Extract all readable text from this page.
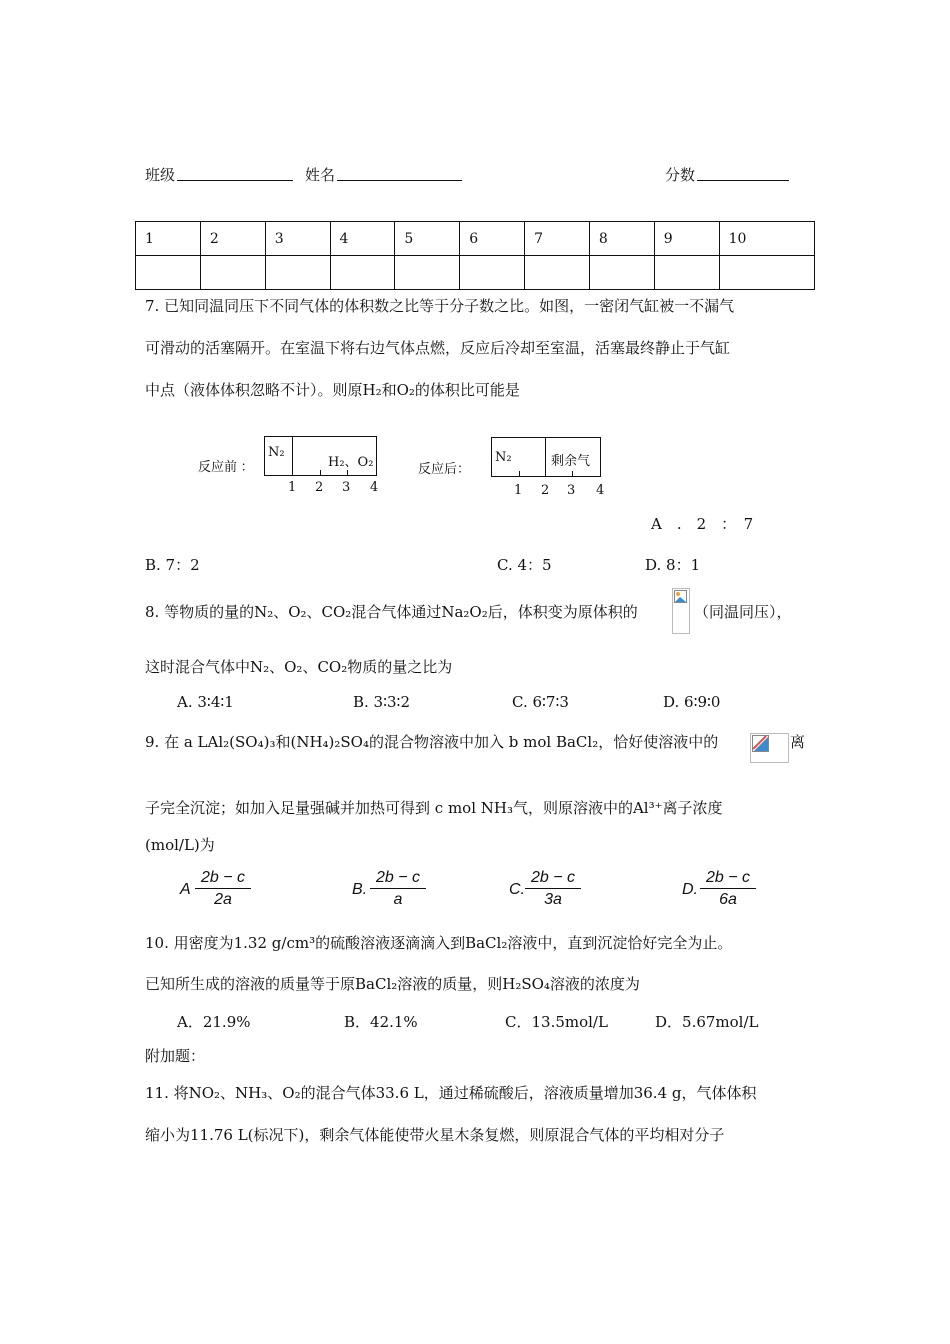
班级	姓名	分数
1	2	3	4	5	6	7	8	9	10

7. 已知同温同压下不同气体的体积数之比等于分子数之比。如图，一密闭气缸被一不漏气
可滑动的活塞隔开。在室温下将右边气体点燃，反应后冷却至室温，活塞最终静止于气缸
中点（液体体积忽略不计）。则原H₂和O₂的体积比可能是
反应前 ：
N₂
H₂、O₂
1 2 3 4
反应后：
N₂	剩余气
1 2 3 4
A　.　2　：　7
B. 7：2	C. 4：5	D. 8：1
8. 等物质的量的N₂、O₂、CO₂混合气体通过Na₂O₂后，体积变为原体积的	（同温同压），
这时混合气体中N₂、O₂、CO₂物质的量之比为
A. 3∶4∶1	B. 3∶3∶2	C. 6∶7∶3	D. 6∶9∶0
9. 在 a LAl₂(SO₄)₃和(NH₄)₂SO₄的混合物溶液中加入 b mol BaCl₂，恰好使溶液中的	离
子完全沉淀；如加入足量强碱并加热可得到 c mol NH₃气，则原溶液中的Al³⁺离子浓度
(mol/L)为
A $\frac{2b - c}{2a}$	B. $\frac{2b - c}{a}$	C. $\frac{2b - c}{3a}$	D. $\frac{2b - c}{6a}$
10. 用密度为1.32 g/cm³的硫酸溶液逐滴滴入到BaCl₂溶液中，直到沉淀恰好完全为止。
已知所生成的溶液的质量等于原BaCl₂溶液的质量，则H₂SO₄溶液的浓度为
A．21.9%	B．42.1%	C．13.5mol/L	D．5.67mol/L
附加题：
11. 将NO₂、NH₃、O₂的混合气体33.6 L，通过稀硫酸后，溶液质量增加36.4 g，气体体积
缩小为11.76 L(标况下)，剩余气体能使带火星木条复燃，则原混合气体的平均相对分子
